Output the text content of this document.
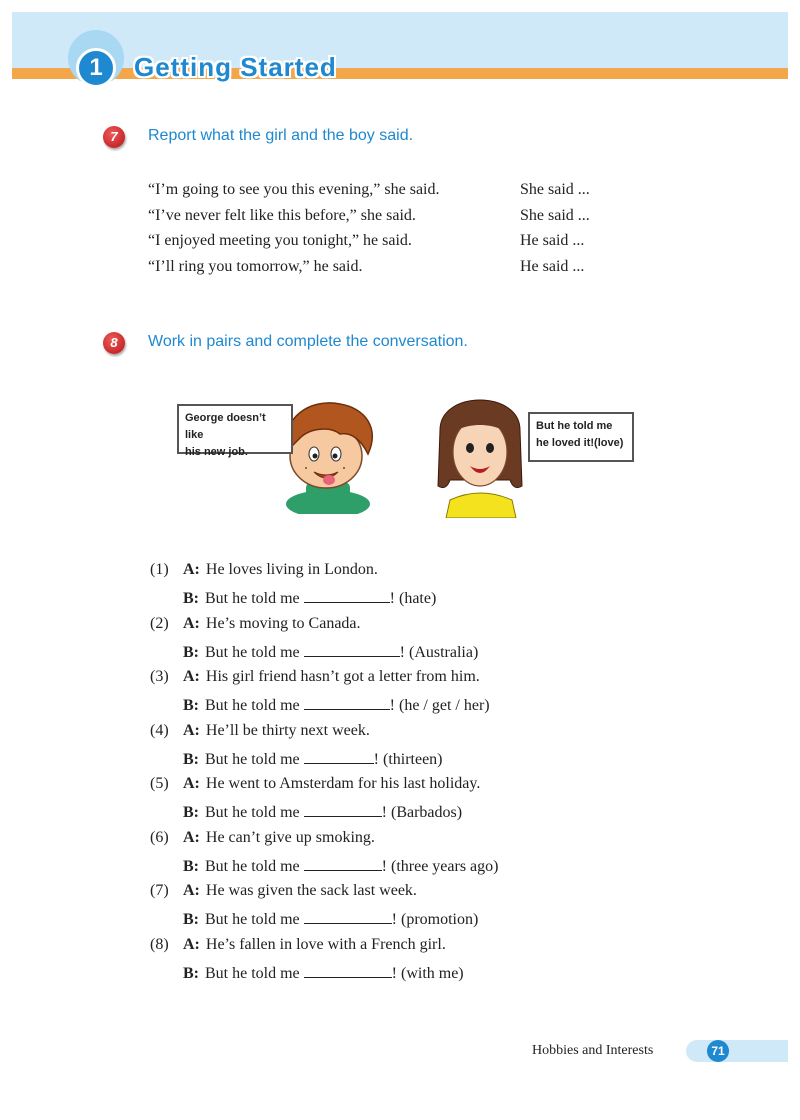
1	Getting Started
7	Report what the girl and the boy said.
“I’m going to see you this evening,” she said.	She said ...
“I’ve never felt like this before,” she said.	She said ...
“I enjoyed meeting you tonight,” he said.	He said ...
“I’ll ring you tomorrow,” he said.	He said ...
8	Work in pairs and complete the conversation.
George doesn’t like
his new job.
But he told me
he loved it!(love)
(1) A: He loves living in London.
B: But he told me	! (hate)
(2) A: He’s moving to Canada.
B: But he told me	! (Australia)
(3) A: His girl friend hasn’t got a letter from him.
B: But he told me	! (he / get / her)
(4) A: He’ll be thirty next week.
B: But he told me	! (thirteen)
(5) A: He went to Amsterdam for his last holiday.
B: But he told me	! (Barbados)
(6) A: He can’t give up smoking.
B: But he told me	! (three years ago)
(7) A: He was given the sack last week.
B: But he told me	! (promotion)
(8) A: He’s fallen in love with a French girl.
B: But he told me	! (with me)
Hobbies and Interests	71
